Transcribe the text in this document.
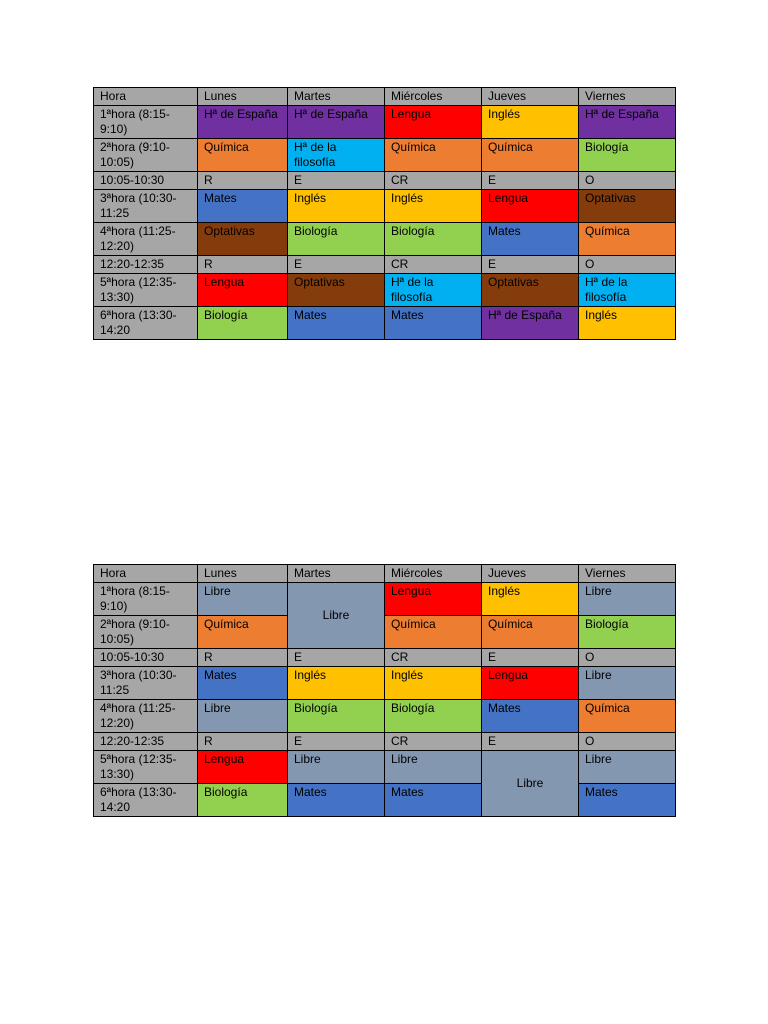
Hora	Lunes	Martes	Miércoles	Jueves	Viernes
1ªhora (8:15-9:10)	Hª de España	Hª de España	Lengua	Inglés	Hª de España
2ªhora (9:10-10:05)	Química	Hª de la filosofía	Química	Química	Biología
10:05-10:30	R	E	CR	E	O
3ªhora (10:30-11:25	Mates	Inglés	Inglés	Lengua	Optativas
4ªhora (11:25-12:20)	Optativas	Biología	Biología	Mates	Química
12:20-12:35	R	E	CR	E	O
5ªhora (12:35-13:30)	Lengua	Optativas	Hª de la filosofía	Optativas	Hª de la filosofía
6ªhora (13:30-14:20	Biología	Mates	Mates	Hª de España	Inglés
Hora	Lunes	Martes	Miércoles	Jueves	Viernes
1ªhora (8:15-9:10)	Libre	Libre	Lengua	Inglés	Libre
2ªhora (9:10-10:05)	Química		Química	Química	Biología
10:05-10:30	R	E	CR	E	O
3ªhora (10:30-11:25	Mates	Inglés	Inglés	Lengua	Libre
4ªhora (11:25-12:20)	Libre	Biología	Biología	Mates	Química
12:20-12:35	R	E	CR	E	O
5ªhora (12:35-13:30)	Lengua	Libre	Libre	Libre	Libre
6ªhora (13:30-14:20	Biología	Mates	Mates		Mates
